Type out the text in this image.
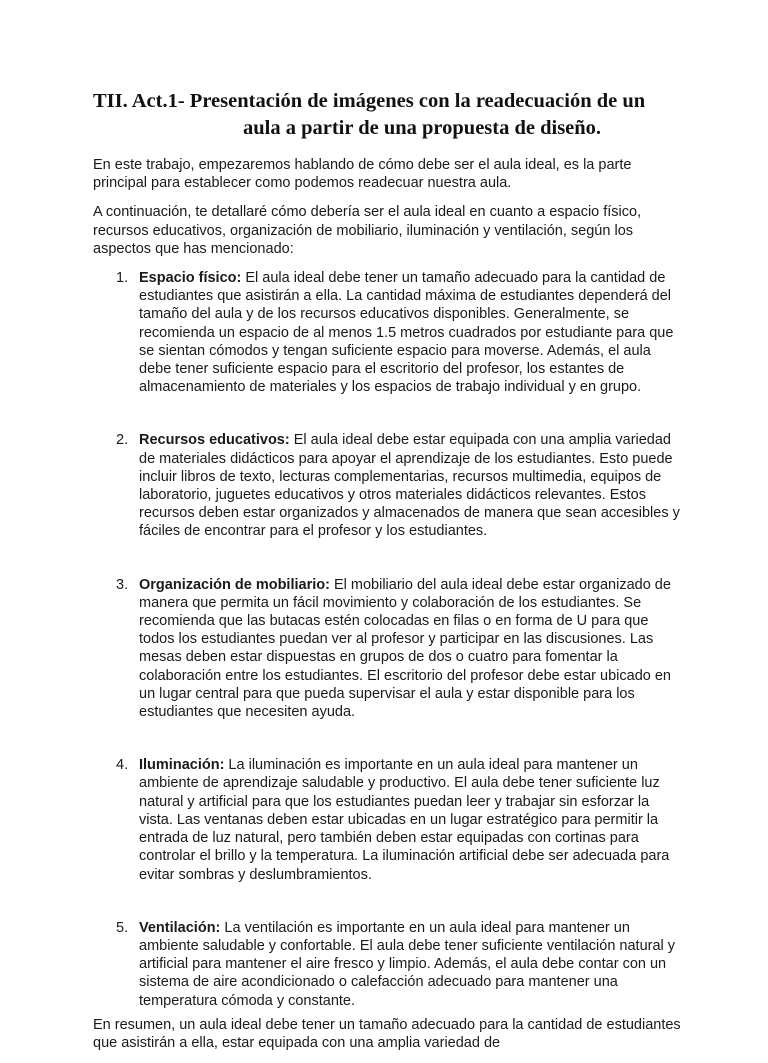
TII. Act.1- Presentación de imágenes con la readecuación de un
aula a partir de una propuesta de diseño.

En este trabajo, empezaremos hablando de cómo debe ser el aula ideal, es la parte principal para establecer como podemos readecuar nuestra aula.

A continuación, te detallaré cómo debería ser el aula ideal en cuanto a espacio físico, recursos educativos, organización de mobiliario, iluminación y ventilación, según los aspectos que has mencionado:

1. Espacio físico: El aula ideal debe tener un tamaño adecuado para la cantidad de estudiantes que asistirán a ella. La cantidad máxima de estudiantes dependerá del tamaño del aula y de los recursos educativos disponibles. Generalmente, se recomienda un espacio de al menos 1.5 metros cuadrados por estudiante para que se sientan cómodos y tengan suficiente espacio para moverse. Además, el aula debe tener suficiente espacio para el escritorio del profesor, los estantes de almacenamiento de materiales y los espacios de trabajo individual y en grupo.
2. Recursos educativos: El aula ideal debe estar equipada con una amplia variedad de materiales didácticos para apoyar el aprendizaje de los estudiantes. Esto puede incluir libros de texto, lecturas complementarias, recursos multimedia, equipos de laboratorio, juguetes educativos y otros materiales didácticos relevantes. Estos recursos deben estar organizados y almacenados de manera que sean accesibles y fáciles de encontrar para el profesor y los estudiantes.
3. Organización de mobiliario: El mobiliario del aula ideal debe estar organizado de manera que permita un fácil movimiento y colaboración de los estudiantes. Se recomienda que las butacas estén colocadas en filas o en forma de U para que todos los estudiantes puedan ver al profesor y participar en las discusiones. Las mesas deben estar dispuestas en grupos de dos o cuatro para fomentar la colaboración entre los estudiantes. El escritorio del profesor debe estar ubicado en un lugar central para que pueda supervisar el aula y estar disponible para los estudiantes que necesiten ayuda.
4. Iluminación: La iluminación es importante en un aula ideal para mantener un ambiente de aprendizaje saludable y productivo. El aula debe tener suficiente luz natural y artificial para que los estudiantes puedan leer y trabajar sin esforzar la vista. Las ventanas deben estar ubicadas en un lugar estratégico para permitir la entrada de luz natural, pero también deben estar equipadas con cortinas para controlar el brillo y la temperatura. La iluminación artificial debe ser adecuada para evitar sombras y deslumbramientos.
5. Ventilación: La ventilación es importante en un aula ideal para mantener un ambiente saludable y confortable. El aula debe tener suficiente ventilación natural y artificial para mantener el aire fresco y limpio. Además, el aula debe contar con un sistema de aire acondicionado o calefacción adecuado para mantener una temperatura cómoda y constante.

En resumen, un aula ideal debe tener un tamaño adecuado para la cantidad de estudiantes que asistirán a ella, estar equipada con una amplia variedad de
